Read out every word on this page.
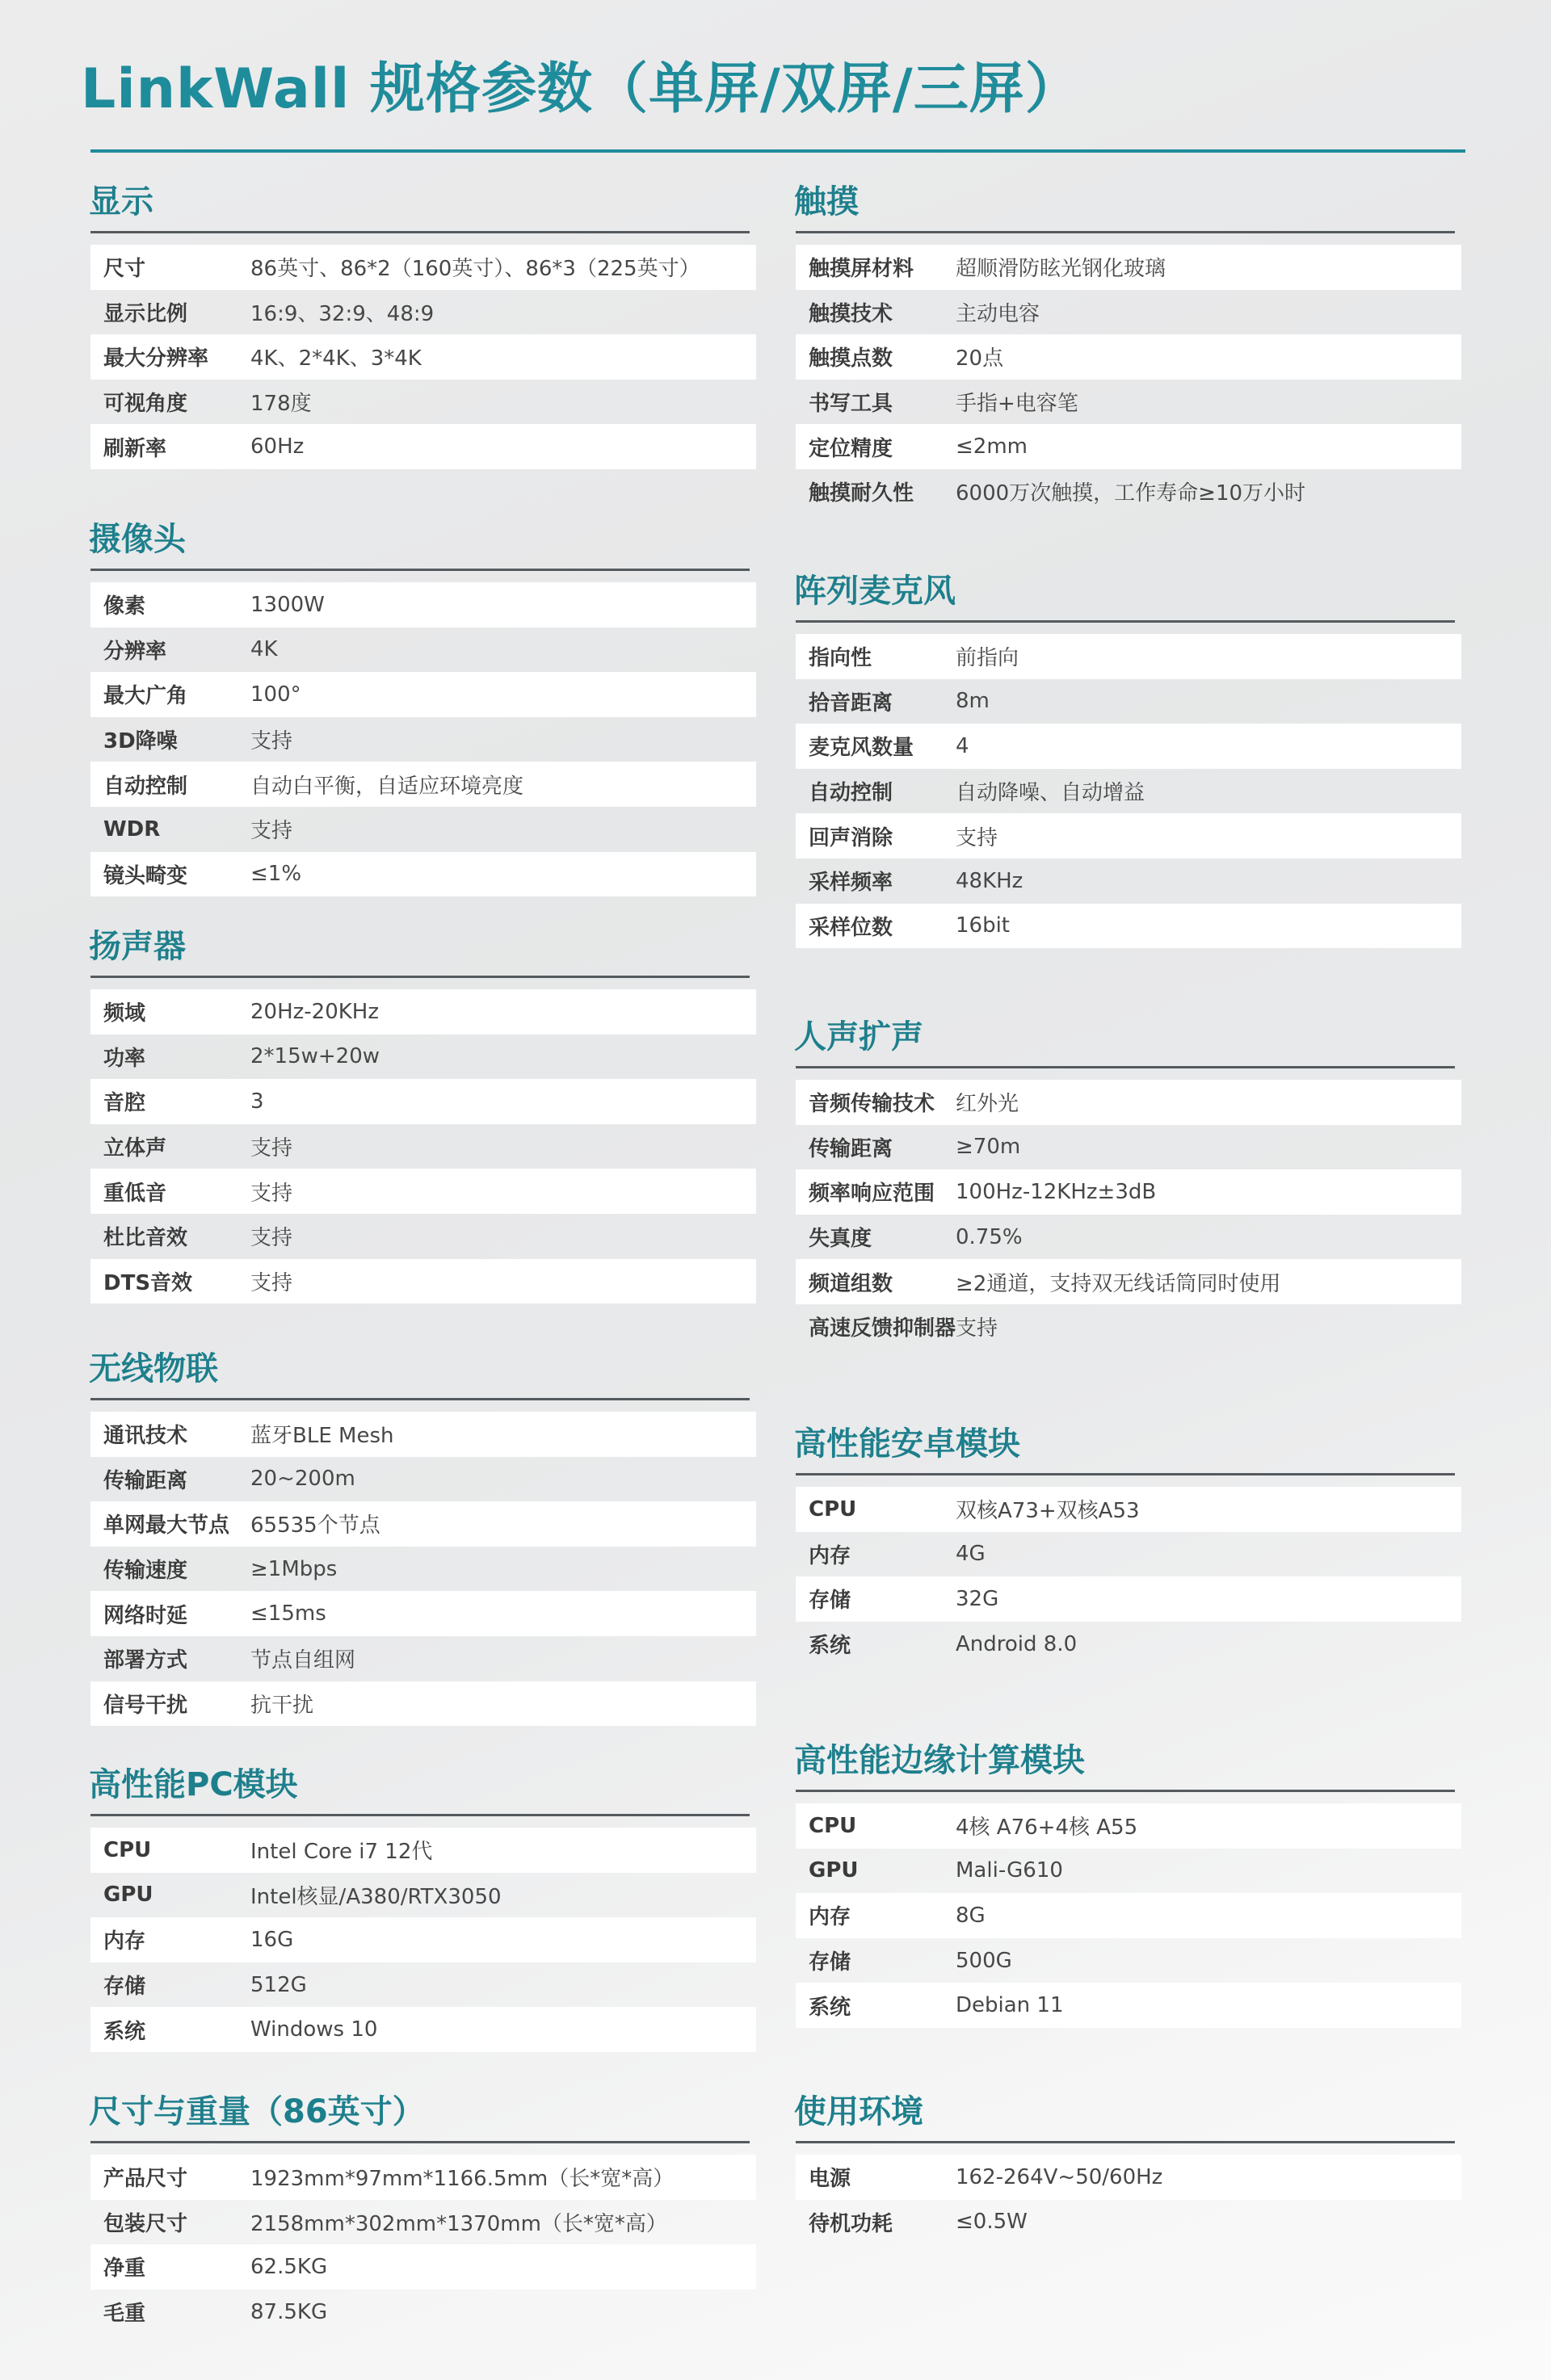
LinkWall 规格参数（单屏/双屏/三屏）
显示
尺寸	86英寸、86*2（160英寸）、86*3（225英寸）
显示比例	16:9、32:9、48:9
最大分辨率	4K、2*4K、3*4K
可视角度	178度
刷新率	60Hz
摄像头
像素	1300W
分辨率	4K
最大广角	100°
3D降噪	支持
自动控制	自动白平衡，自适应环境亮度
WDR	支持
镜头畸变	≤1%
扬声器
频域	20Hz-20KHz
功率	2*15w+20w
音腔	3
立体声	支持
重低音	支持
杜比音效	支持
DTS音效	支持
无线物联
通讯技术	蓝牙BLE Mesh
传输距离	20~200m
单网最大节点 65535个节点
传输速度	≥1Mbps
网络时延	≤15ms
部署方式	节点自组网
信号干扰	抗干扰
高性能PC模块
CPU	Intel Core i7 12代
GPU	Intel核显/A380/RTX3050
内存	16G
存储	512G
系统	Windows 10
尺寸与重量（86英寸）
产品尺寸	1923mm*97mm*1166.5mm（长*宽*高）
包装尺寸	2158mm*302mm*1370mm（长*宽*高）
净重	62.5KG
毛重	87.5KG
触摸
触摸屏材料	超顺滑防眩光钢化玻璃
触摸技术	主动电容
触摸点数	20点
书写工具	手指+电容笔
定位精度	≤2mm
触摸耐久性	6000万次触摸，工作寿命≥10万小时
阵列麦克风
指向性	前指向
拾音距离	8m
麦克风数量	4
自动控制	自动降噪、自动增益
回声消除	支持
采样频率	48KHz
采样位数	16bit
人声扩声
音频传输技术 红外光
传输距离	≥70m
频率响应范围 100Hz-12KHz±3dB
失真度	0.75%
频道组数	≥2通道，支持双无线话筒同时使用
高速反馈抑制器 支持
高性能安卓模块
CPU	双核A73+双核A53
内存	4G
存储	32G
系统	Android 8.0
高性能边缘计算模块
CPU	4核 A76+4核 A55
GPU	Mali-G610
内存	8G
存储	500G
系统	Debian 11
使用环境
电源	162-264V~50/60Hz
待机功耗	≤0.5W
